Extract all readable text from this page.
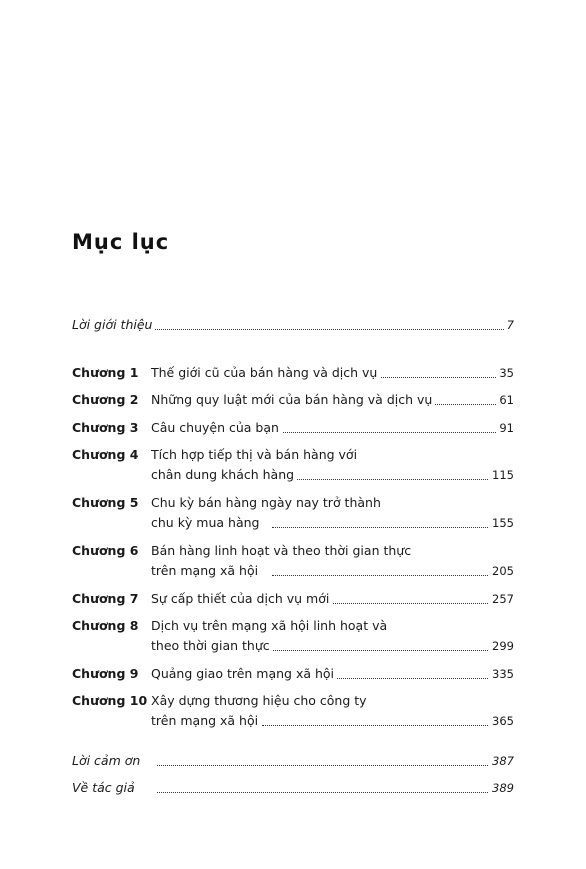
Mục lục
Lời giới thiệu	7
Chương 1 Thế giới cũ của bán hàng và dịch vụ	35
Chương 2 Những quy luật mới của bán hàng và dịch vụ	61
Chương 3 Câu chuyện của bạn	91
Chương 4 Tích hợp tiếp thị và bán hàng với
chân dung khách hàng	115
Chương 5 Chu kỳ bán hàng ngày nay trở thành
chu kỳ mua hàng	155
Chương 6 Bán hàng linh hoạt và theo thời gian thực
trên mạng xã hội	205
Chương 7 Sự cấp thiết của dịch vụ mới	257
Chương 8 Dịch vụ trên mạng xã hội linh hoạt và
theo thời gian thực	299
Chương 9 Quảng giao trên mạng xã hội	335
Chương 10 Xây dựng thương hiệu cho công ty
trên mạng xã hội	365
Lời cảm ơn	387
Về tác giả	389
